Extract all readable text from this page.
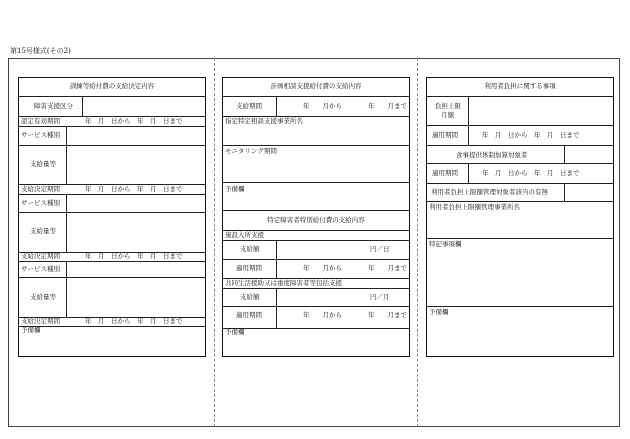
第15号様式(その2)
訓練等給付費の支給決定内容
障害支援区分
認定有効期間	年　月　日から　年　月　日まで
サービス種別
支給量等
支給決定期間	年　月　日から　年　月　日まで
サービス種別
支給量等
支給決定期間	年　月　日から　年　月　日まで
サービス種別
支給量等
支給決定期間	年　月　日から　年　月　日まで
予備欄
計画相談支援給付費の支給内容
支給期間	年　　月から	年　　月まで
指定特定相談支援事業所名
モニタリング期間
予備欄
特定障害者特別給付費の支給内容
施設入所支援
支給額	円／日
適用期間	年　　月から	年　　月まで
共同生活援助又は重度障害者等包括支援
支給額	円／月
適用期間	年　　月から	年　　月まで
予備欄
利用者負担に関する事項
負担上限
月額
適用期間	年　月　日から　年　月　日まで
食事提供体制加算対象者
適用期間	年　月　日から　年　月　日まで
利用者負担上限額管理対象者該当の有無
利用者負担上限額管理事業所名
特記事項欄
予備欄
